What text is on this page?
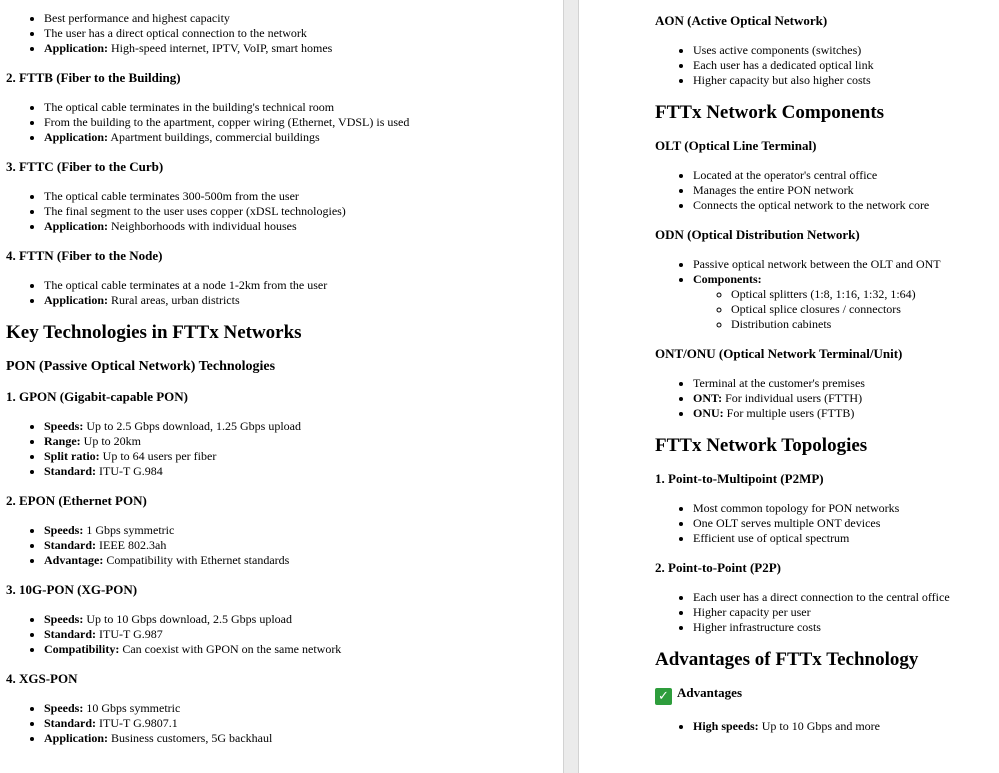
• Best performance and highest capacity
• The user has a direct optical connection to the network
• Application: High-speed internet, IPTV, VoIP, smart homes
2. FTTB (Fiber to the Building)
• The optical cable terminates in the building's technical room
• From the building to the apartment, copper wiring (Ethernet, VDSL) is used
• Application: Apartment buildings, commercial buildings
3. FTTC (Fiber to the Curb)
• The optical cable terminates 300-500m from the user
• The final segment to the user uses copper (xDSL technologies)
• Application: Neighborhoods with individual houses
4. FTTN (Fiber to the Node)
• The optical cable terminates at a node 1-2km from the user
• Application: Rural areas, urban districts
Key Technologies in FTTx Networks
PON (Passive Optical Network) Technologies
1. GPON (Gigabit-capable PON)
• Speeds: Up to 2.5 Gbps download, 1.25 Gbps upload
• Range: Up to 20km
• Split ratio: Up to 64 users per fiber
• Standard: ITU-T G.984
2. EPON (Ethernet PON)
• Speeds: 1 Gbps symmetric
• Standard: IEEE 802.3ah
• Advantage: Compatibility with Ethernet standards
3. 10G-PON (XG-PON)
• Speeds: Up to 10 Gbps download, 2.5 Gbps upload
• Standard: ITU-T G.987
• Compatibility: Can coexist with GPON on the same network
4. XGS-PON
• Speeds: 10 Gbps symmetric
• Standard: ITU-T G.9807.1
• Application: Business customers, 5G backhaul
AON (Active Optical Network)
• Uses active components (switches)
• Each user has a dedicated optical link
• Higher capacity but also higher costs
FTTx Network Components
OLT (Optical Line Terminal)
• Located at the operator's central office
• Manages the entire PON network
• Connects the optical network to the network core
ODN (Optical Distribution Network)
• Passive optical network between the OLT and ONT
• Components:
◦ Optical splitters (1:8, 1:16, 1:32, 1:64)
◦ Optical splice closures / connectors
◦ Distribution cabinets
ONT/ONU (Optical Network Terminal/Unit)
• Terminal at the customer's premises
• ONT: For individual users (FTTH)
• ONU: For multiple users (FTTB)
FTTx Network Topologies
1. Point-to-Multipoint (P2MP)
• Most common topology for PON networks
• One OLT serves multiple ONT devices
• Efficient use of optical spectrum
2. Point-to-Point (P2P)
• Each user has a direct connection to the central office
• Higher capacity per user
• Higher infrastructure costs
Advantages of FTTx Technology
✓ Advantages
• High speeds: Up to 10 Gbps and more
